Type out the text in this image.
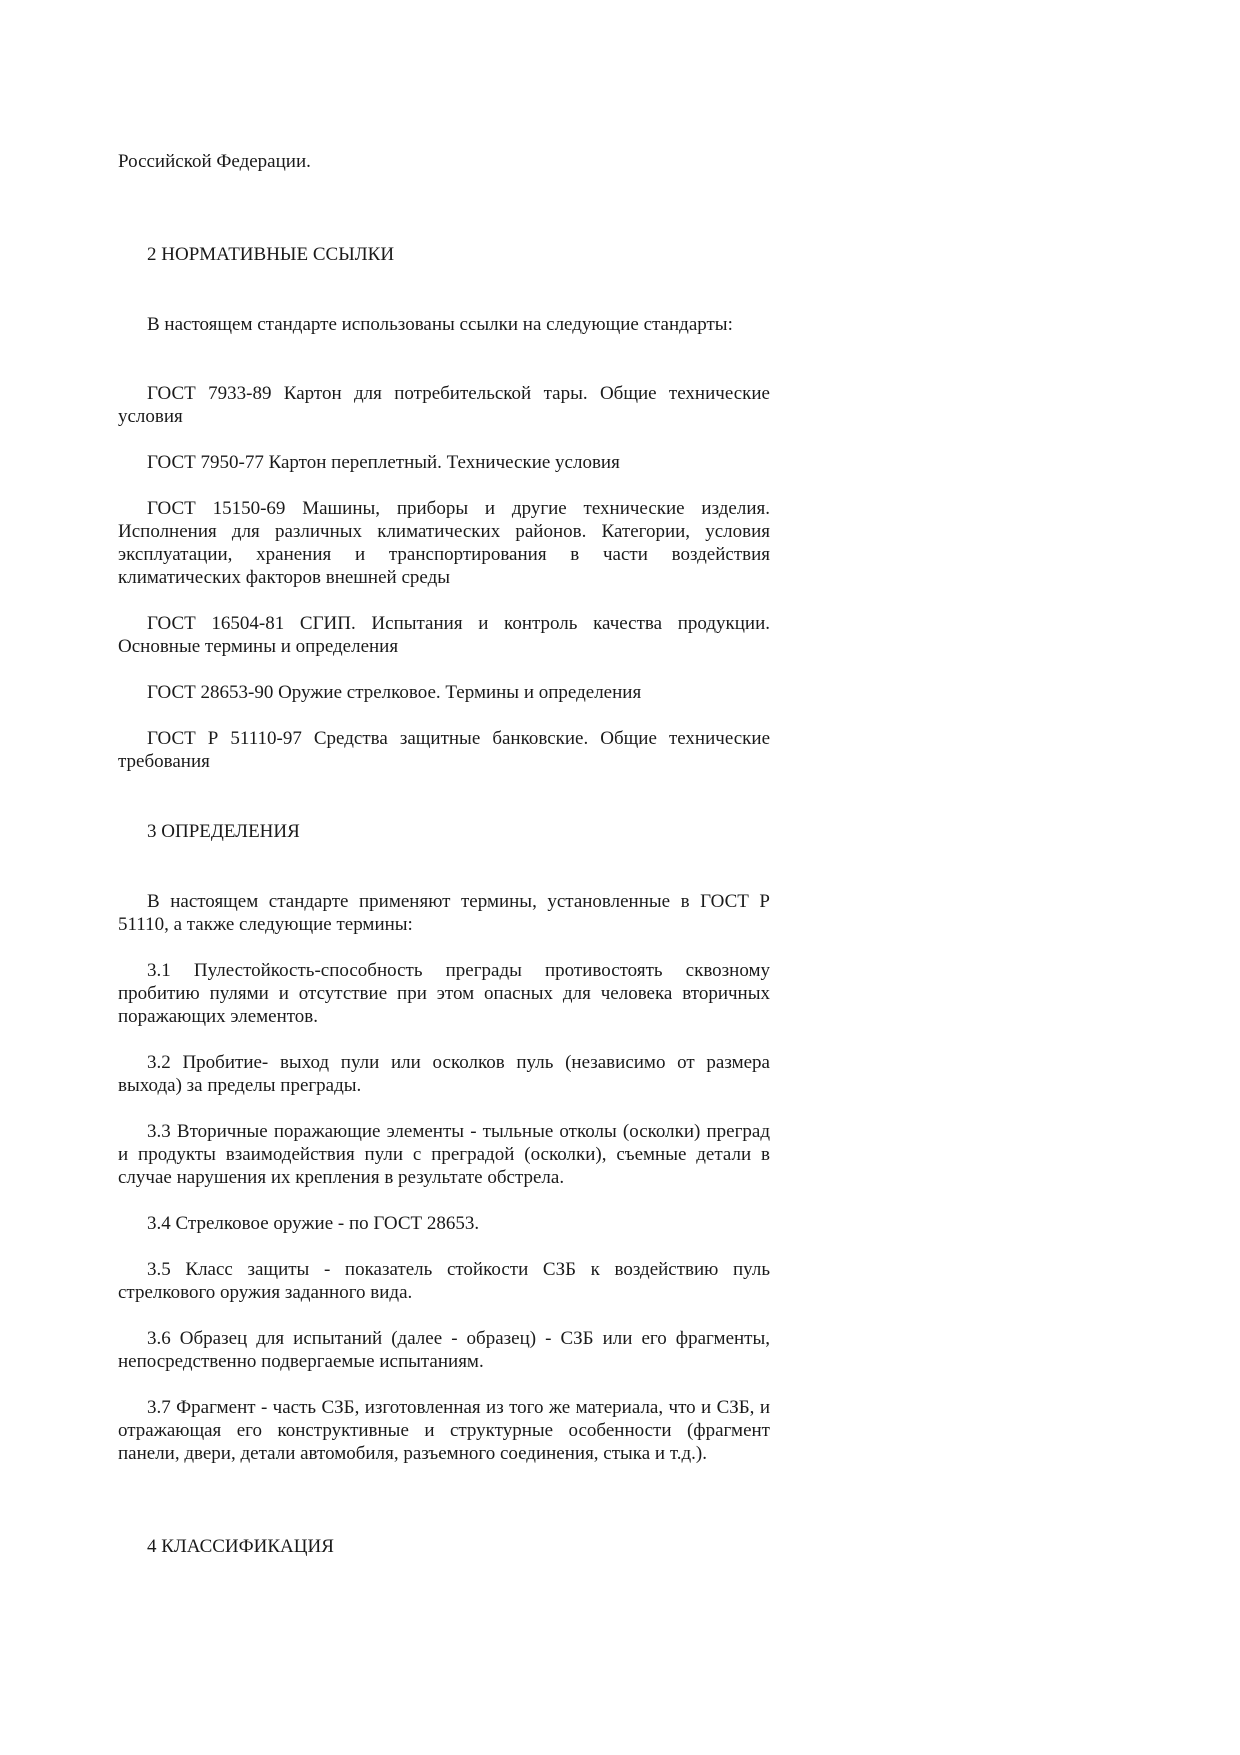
Российской Федерации.

2 НОРМАТИВНЫЕ ССЫЛКИ

В настоящем стандарте использованы ссылки на следующие стандарты:

ГОСТ 7933-89 Картон для потребительской тары. Общие технические условия

ГОСТ 7950-77 Картон переплетный. Технические условия

ГОСТ 15150-69 Машины, приборы и другие технические изделия. Исполнения для различных климатических районов. Категории, условия эксплуатации, хранения и транспортирования в части воздействия климатических факторов внешней среды

ГОСТ 16504-81 СГИП. Испытания и контроль качества продукции. Основные термины и определения

ГОСТ 28653-90 Оружие стрелковое. Термины и определения

ГОСТ Р 51110-97 Средства защитные банковские. Общие технические требования

3 ОПРЕДЕЛЕНИЯ

В настоящем стандарте применяют термины, установленные в ГОСТ Р 51110, а также следующие термины:

3.1 Пулестойкость-способность преграды противостоять сквозному пробитию пулями и отсутствие при этом опасных для человека вторичных поражающих элементов.

3.2 Пробитие- выход пули или осколков пуль (независимо от размера выхода) за пределы преграды.

3.3 Вторичные поражающие элементы - тыльные отколы (осколки) преград и продукты взаимодействия пули с преградой (осколки), съемные детали в случае нарушения их крепления в результате обстрела.

3.4 Стрелковое оружие - по ГОСТ 28653.

3.5 Класс защиты - показатель стойкости СЗБ к воздействию пуль стрелкового оружия заданного вида.

3.6 Образец для испытаний (далее - образец) - СЗБ или его фрагменты, непосредственно подвергаемые испытаниям.

3.7 Фрагмент - часть СЗБ, изготовленная из того же материала, что и СЗБ, и отражающая его конструктивные и структурные особенности (фрагмент панели, двери, детали автомобиля, разъемного соединения, стыка и т.д.).

4 КЛАССИФИКАЦИЯ
